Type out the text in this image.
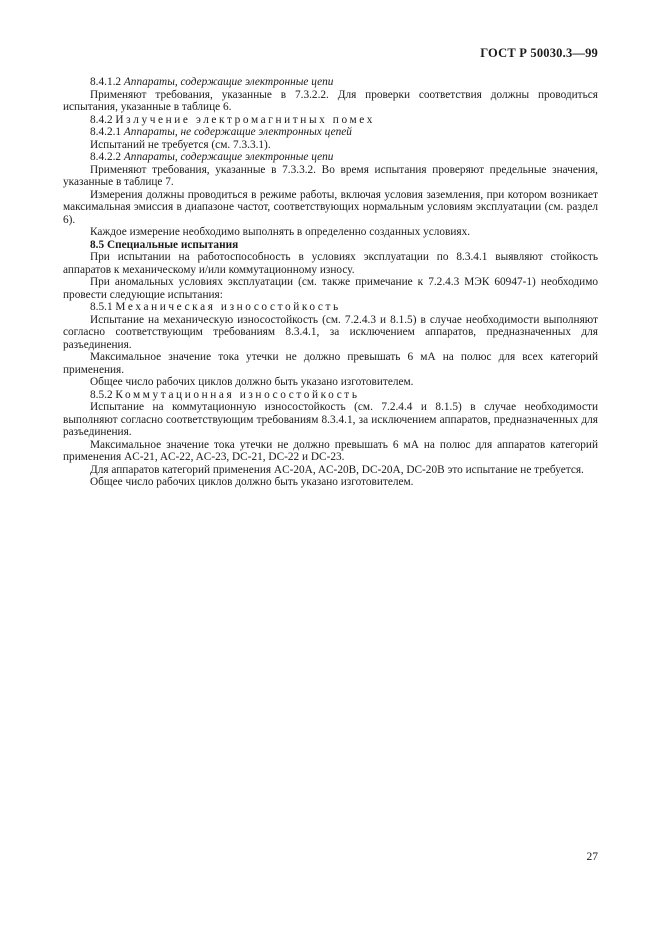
ГОСТ Р 50030.3—99

8.4.1.2 Аппараты, содержащие электронные цепи

Применяют требования, указанные в 7.3.2.2. Для проверки соответствия должны проводиться испытания, указанные в таблице 6.

8.4.2 Излучение электромагнитных помех

8.4.2.1 Аппараты, не содержащие электронных цепей

Испытаний не требуется (см. 7.3.3.1).

8.4.2.2 Аппараты, содержащие электронные цепи

Применяют требования, указанные в 7.3.3.2. Во время испытания проверяют предельные значения, указанные в таблице 7.

Измерения должны проводиться в режиме работы, включая условия заземления, при котором возникает максимальная эмиссия в диапазоне частот, соответствующих нормальным условиям эксплуатации (см. раздел 6).

Каждое измерение необходимо выполнять в определенно созданных условиях.

8.5 Специальные испытания

При испытании на работоспособность в условиях эксплуатации по 8.3.4.1 выявляют стойкость аппаратов к механическому и/или коммутационному износу.

При аномальных условиях эксплуатации (см. также примечание к 7.2.4.3 МЭК 60947-1) необходимо провести следующие испытания:

8.5.1 Механическая износостойкость

Испытание на механическую износостойкость (см. 7.2.4.3 и 8.1.5) в случае необходимости выполняют согласно соответствующим требованиям 8.3.4.1, за исключением аппаратов, предназначенных для разъединения.

Максимальное значение тока утечки не должно превышать 6 мА на полюс для всех категорий применения.

Общее число рабочих циклов должно быть указано изготовителем.

8.5.2 Коммутационная износостойкость

Испытание на коммутационную износостойкость (см. 7.2.4.4 и 8.1.5) в случае необходимости выполняют согласно соответствующим требованиям 8.3.4.1, за исключением аппаратов, предназначенных для разъединения.

Максимальное значение тока утечки не должно превышать 6 мА на полюс для аппаратов категорий применения AC-21, AC-22, AC-23, DC-21, DC-22 и DC-23.

Для аппаратов категорий применения AC-20A, AC-20B, DC-20A, DC-20B это испытание не требуется.

Общее число рабочих циклов должно быть указано изготовителем.

27
